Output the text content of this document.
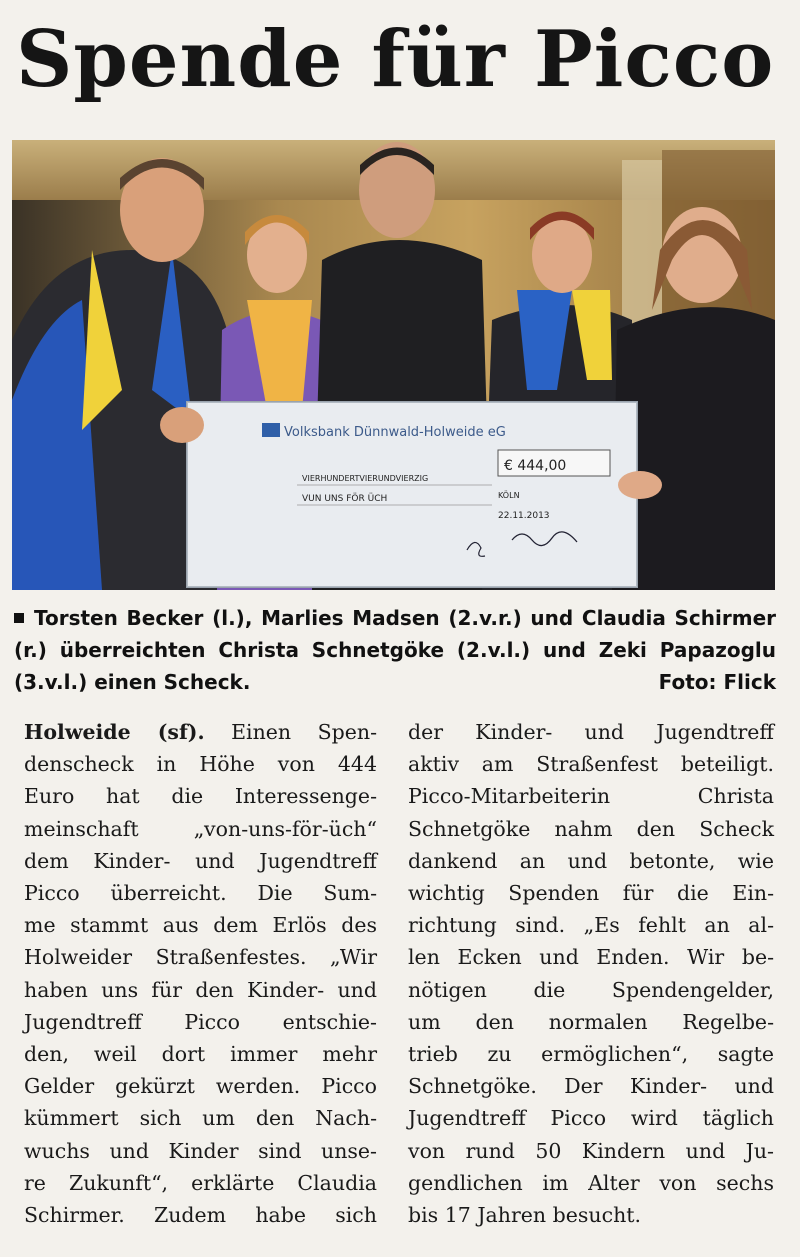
Spende für Picco
Volksbank Dünnwald-Holweide eG
€ 444,00
VIERHUNDERTVIERUNDVIERZIG
VUN UNS FÖR ÜCH	KÖLN
22.11.2013
Torsten Becker (l.), Marlies Madsen (2.v.r.) und Claudia Schirmer (r.) überreichten Christa Schnetgöke (2.v.l.) und Zeki Papazoglu (3.v.l.) einen Scheck.	Foto: Flick
Holweide (sf). Einen Spen-
denscheck in Höhe von 444
Euro hat die Interessenge-
meinschaft „von-uns-för-üch“
dem Kinder- und Jugendtreff
Picco überreicht. Die Sum-
me stammt aus dem Erlös des
Holweider Straßenfestes. „Wir
haben uns für den Kinder- und
Jugendtreff Picco entschie-
den, weil dort immer mehr
Gelder gekürzt werden. Picco
kümmert sich um den Nach-
wuchs und Kinder sind unse-
re Zukunft“, erklärte Claudia
Schirmer. Zudem habe sich
der Kinder- und Jugendtreff
aktiv am Straßenfest beteiligt.
Picco-Mitarbeiterin Christa
Schnetgöke nahm den Scheck
dankend an und betonte, wie
wichtig Spenden für die Ein-
richtung sind. „Es fehlt an al-
len Ecken und Enden. Wir be-
nötigen die Spendengelder,
um den normalen Regelbe-
trieb zu ermöglichen“, sagte
Schnetgöke. Der Kinder- und
Jugendtreff Picco wird täglich
von rund 50 Kindern und Ju-
gendlichen im Alter von sechs
bis 17 Jahren besucht.
